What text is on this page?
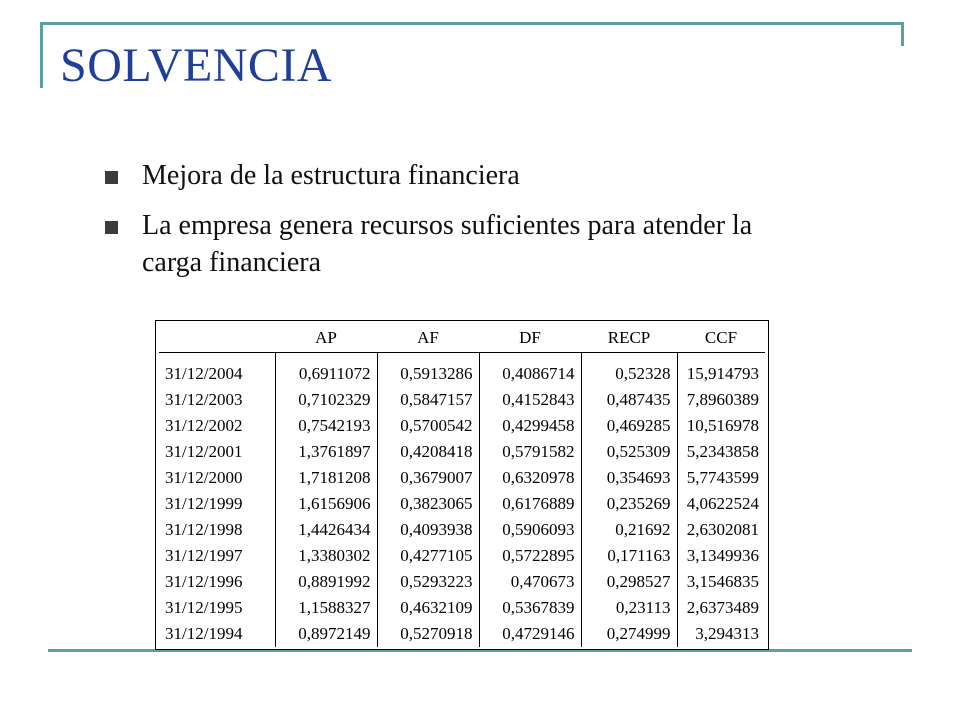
SOLVENCIA
Mejora de la estructura financiera
La empresa genera recursos suficientes para atender la carga financiera
	AP	AF	DF	RECP	CCF
31/12/2004	0,6911072	0,5913286	0,4086714	0,52328	15,914793
31/12/2003	0,7102329	0,5847157	0,4152843	0,487435	7,8960389
31/12/2002	0,7542193	0,5700542	0,4299458	0,469285	10,516978
31/12/2001	1,3761897	0,4208418	0,5791582	0,525309	5,2343858
31/12/2000	1,7181208	0,3679007	0,6320978	0,354693	5,7743599
31/12/1999	1,6156906	0,3823065	0,6176889	0,235269	4,0622524
31/12/1998	1,4426434	0,4093938	0,5906093	0,21692	2,6302081
31/12/1997	1,3380302	0,4277105	0,5722895	0,171163	3,1349936
31/12/1996	0,8891992	0,5293223	0,470673	0,298527	3,1546835
31/12/1995	1,1588327	0,4632109	0,5367839	0,23113	2,6373489
31/12/1994	0,8972149	0,5270918	0,4729146	0,274999	3,294313
